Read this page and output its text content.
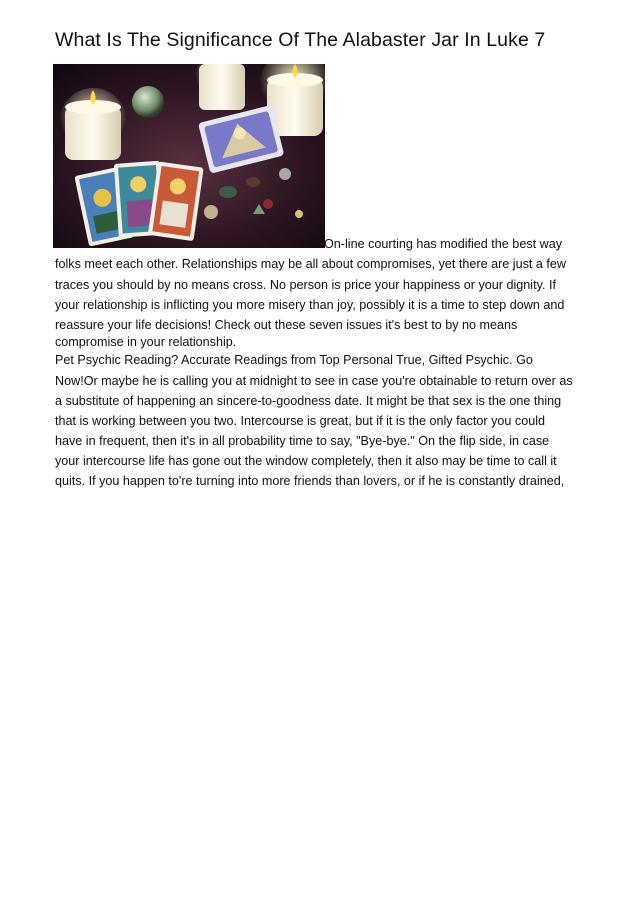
What Is The Significance Of The Alabaster Jar In Luke 7
On-line courting has modified the best way
folks meet each other. Relationships may be all about compromises, yet there are just a few
traces you should by no means cross. No person is price your happiness or your dignity. If
your relationship is inflicting you more misery than joy, possibly it is a time to step down and
reassure your life decisions! Check out these seven issues it's best to by no means
compromise in your relationship.
Pet Psychic Reading? Accurate Readings from Top Personal True, Gifted Psychic. Go
Now!Or maybe he is calling you at midnight to see in case you're obtainable to return over as
a substitute of happening an sincere-to-goodness date. It might be that sex is the one thing
that is working between you two. Intercourse is great, but if it is the only factor you could
have in frequent, then it's in all probability time to say, "Bye-bye." On the flip side, in case
your intercourse life has gone out the window completely, then it also may be time to call it
quits. If you happen to're turning into more friends than lovers, or if he is constantly drained,
